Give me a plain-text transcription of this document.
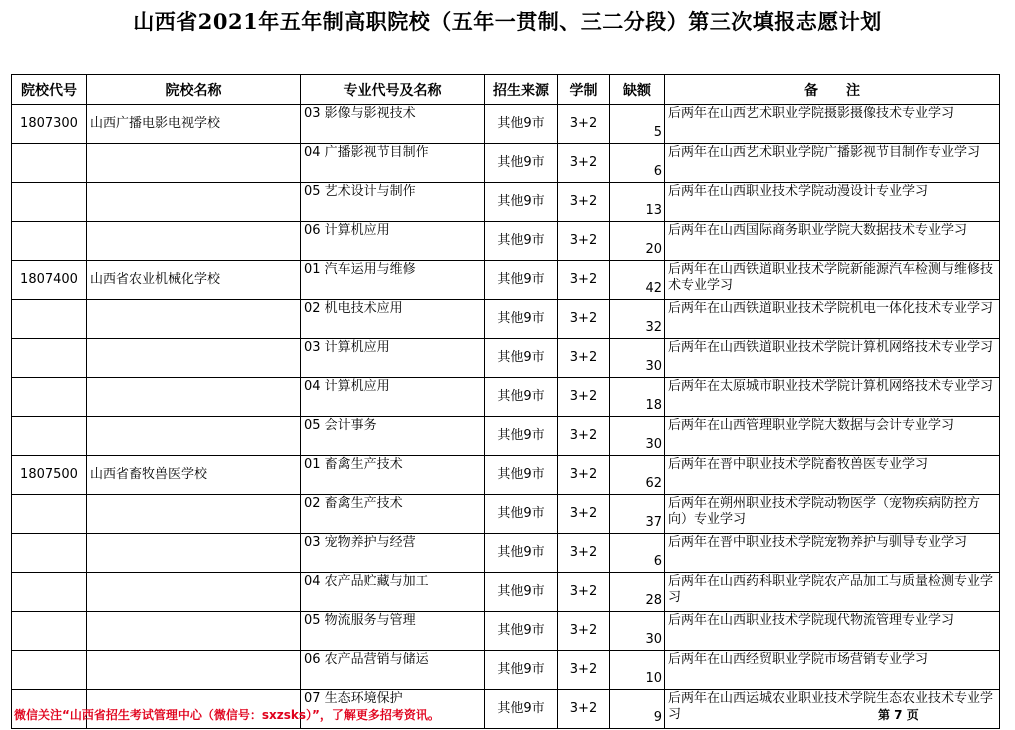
山西省2021年五年制高职院校（五年一贯制、三二分段）第三次填报志愿计划
院校代号	院校名称	专业代号及名称	招生来源	学制	缺额	备　　注
1807300	山西广播电影电视学校	03 影像与影视技术	其他9市	3+2	5	后两年在山西艺术职业学院摄影摄像技术专业学习
		04 广播影视节目制作	其他9市	3+2	6	后两年在山西艺术职业学院广播影视节目制作专业学习
		05 艺术设计与制作	其他9市	3+2	13	后两年在山西职业技术学院动漫设计专业学习
		06 计算机应用	其他9市	3+2	20	后两年在山西国际商务职业学院大数据技术专业学习
1807400	山西省农业机械化学校	01 汽车运用与维修	其他9市	3+2	42	后两年在山西铁道职业技术学院新能源汽车检测与维修技术专业学习
		02 机电技术应用	其他9市	3+2	32	后两年在山西铁道职业技术学院机电一体化技术专业学习
		03 计算机应用	其他9市	3+2	30	后两年在山西铁道职业技术学院计算机网络技术专业学习
		04 计算机应用	其他9市	3+2	18	后两年在太原城市职业技术学院计算机网络技术专业学习
		05 会计事务	其他9市	3+2	30	后两年在山西管理职业学院大数据与会计专业学习
1807500	山西省畜牧兽医学校	01 畜禽生产技术	其他9市	3+2	62	后两年在晋中职业技术学院畜牧兽医专业学习
		02 畜禽生产技术	其他9市	3+2	37	后两年在朔州职业技术学院动物医学（宠物疾病防控方向）专业学习
		03 宠物养护与经营	其他9市	3+2	6	后两年在晋中职业技术学院宠物养护与驯导专业学习
		04 农产品贮藏与加工	其他9市	3+2	28	后两年在山西药科职业学院农产品加工与质量检测专业学习
		05 物流服务与管理	其他9市	3+2	30	后两年在山西职业技术学院现代物流管理专业学习
		06 农产品营销与储运	其他9市	3+2	10	后两年在山西经贸职业学院市场营销专业学习
		07 生态环境保护	其他9市	3+2	9	后两年在山西运城农业职业技术学院生态农业技术专业学习
微信关注“山西省招生考试管理中心（微信号：sxzsks）”，了解更多招考资讯。	第 7 页
